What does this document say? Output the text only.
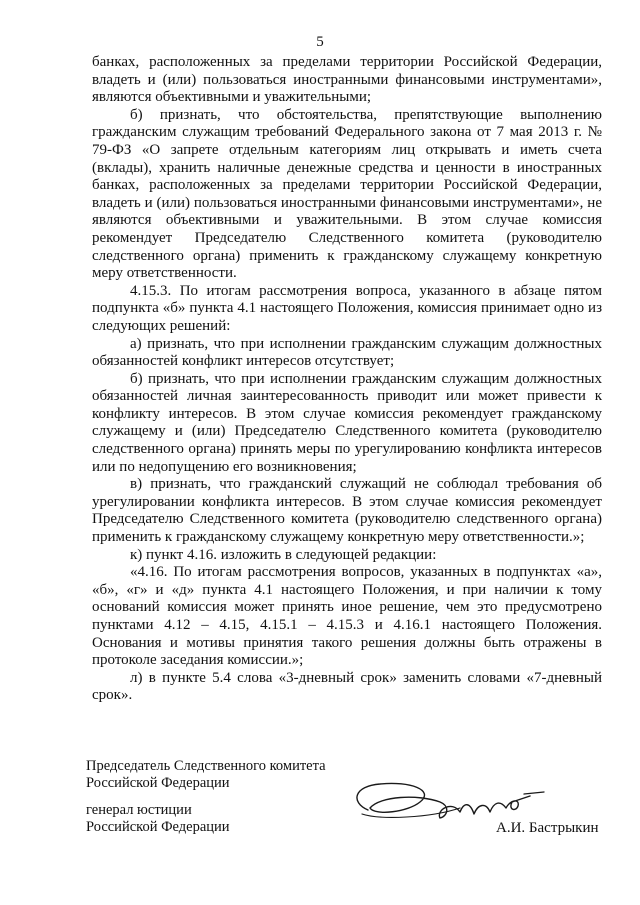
5

банках, расположенных за пределами территории Российской Федерации, владеть и (или) пользоваться иностранными финансовыми инструментами», являются объективными и уважительными;

б) признать, что обстоятельства, препятствующие выполнению гражданским служащим требований Федерального закона от 7 мая 2013 г. № 79-ФЗ «О запрете отдельным категориям лиц открывать и иметь счета (вклады), хранить наличные денежные средства и ценности в иностранных банках, расположенных за пределами территории Российской Федерации, владеть и (или) пользоваться иностранными финансовыми инструментами», не являются объективными и уважительными. В этом случае комиссия рекомендует Председателю Следственного комитета (руководителю следственного органа) применить к гражданскому служащему конкретную меру ответственности.

4.15.3. По итогам рассмотрения вопроса, указанного в абзаце пятом подпункта «б» пункта 4.1 настоящего Положения, комиссия принимает одно из следующих решений:

а) признать, что при исполнении гражданским служащим должностных обязанностей конфликт интересов отсутствует;

б) признать, что при исполнении гражданским служащим должностных обязанностей личная заинтересованность приводит или может привести к конфликту интересов. В этом случае комиссия рекомендует гражданскому служащему и (или) Председателю Следственного комитета (руководителю следственного органа) принять меры по урегулированию конфликта интересов или по недопущению его возникновения;

в) признать, что гражданский служащий не соблюдал требования об урегулировании конфликта интересов. В этом случае комиссия рекомендует Председателю Следственного комитета (руководителю следственного органа) применить к гражданскому служащему конкретную меру ответственности.»;

к) пункт 4.16. изложить в следующей редакции:

«4.16. По итогам рассмотрения вопросов, указанных в подпунктах «а», «б», «г» и «д» пункта 4.1 настоящего Положения, и при наличии к тому оснований комиссия может принять иное решение, чем это предусмотрено пунктами 4.12 – 4.15, 4.15.1 – 4.15.3 и 4.16.1 настоящего Положения. Основания и мотивы принятия такого решения должны быть отражены в протоколе заседания комиссии.»;

л) в пункте 5.4 слова «3-дневный срок» заменить словами «7-дневный срок».

Председатель Следственного комитета
Российской Федерации
генерал юстиции
Российской Федерации	А.И. Бастрыкин
